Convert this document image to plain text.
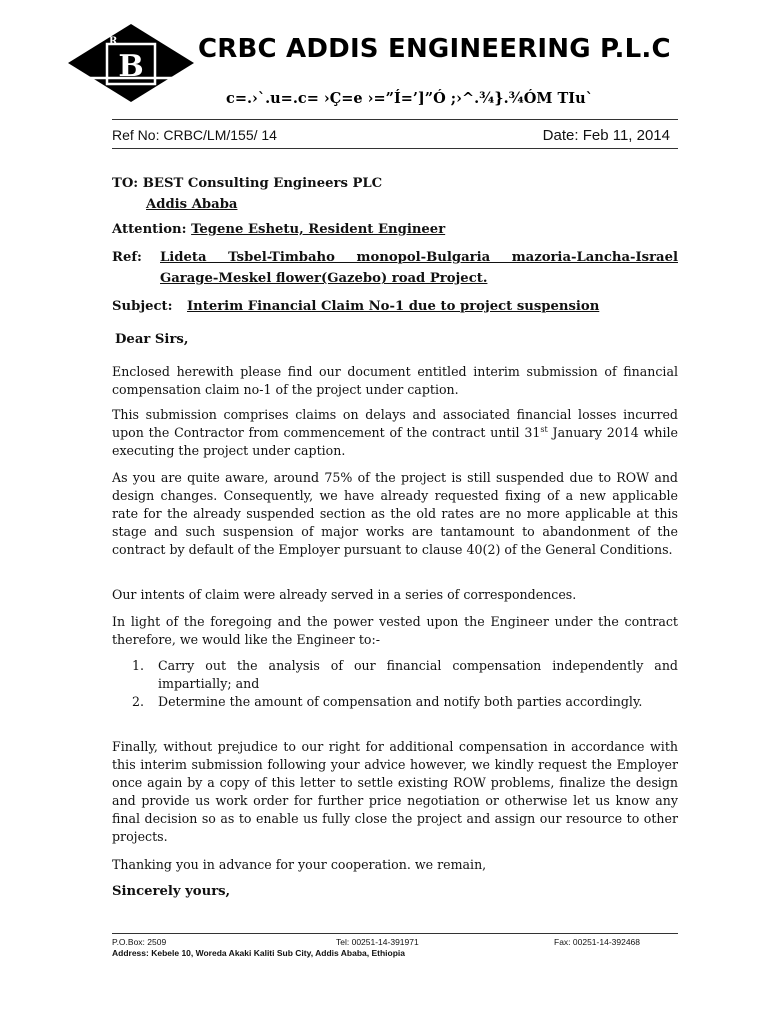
R
B CRBC ADDIS ENGINEERING P.L.C
c=.›`.u=.c= ›Ç=e ›=”Í=’]”Ó ;›^.¾}.¾ÓM TIu`
Ref No: CRBC/LM/155/ 14	Date: Feb 11, 2014
TO: BEST Consulting Engineers PLC
Addis Ababa
Attention: Tegene Eshetu, Resident Engineer
Ref:	Lideta Tsbel-Timbaho monopol-Bulgaria mazoria-Lancha-Israel
Garage-Meskel flower(Gazebo) road Project.
Subject:	Interim Financial Claim No-1 due to project suspension
Dear Sirs,

Enclosed herewith please find our document entitled interim submission of financial compensation claim no-1 of the project under caption.

This submission comprises claims on delays and associated financial losses incurred upon the Contractor from commencement of the contract until 31st January 2014 while executing the project under caption.

As you are quite aware, around 75% of the project is still suspended due to ROW and design changes. Consequently, we have already requested fixing of a new applicable rate for the already suspended section as the old rates are no more applicable at this stage and such suspension of major works are tantamount to abandonment of the contract by default of the Employer pursuant to clause 40(2) of the General Conditions.

Our intents of claim were already served in a series of correspondences.

In light of the foregoing and the power vested upon the Engineer under the contract therefore, we would like the Engineer to:-

1.	Carry out the analysis of our financial compensation independently and impartially; and
2.	Determine the amount of compensation and notify both parties accordingly.

Finally, without prejudice to our right for additional compensation in accordance with this interim submission following your advice however, we kindly request the Employer once again by a copy of this letter to settle existing ROW problems, finalize the design and provide us work order for further price negotiation or otherwise let us know any final decision so as to enable us fully close the project and assign our resource to other projects.

Thanking you in advance for your cooperation. we remain,

Sincerely yours,
P.O.Box: 2509	Tel: 00251-14-391971	Fax: 00251-14-392468
Address: Kebele 10, Woreda Akaki Kaliti Sub City, Addis Ababa, Ethiopia
